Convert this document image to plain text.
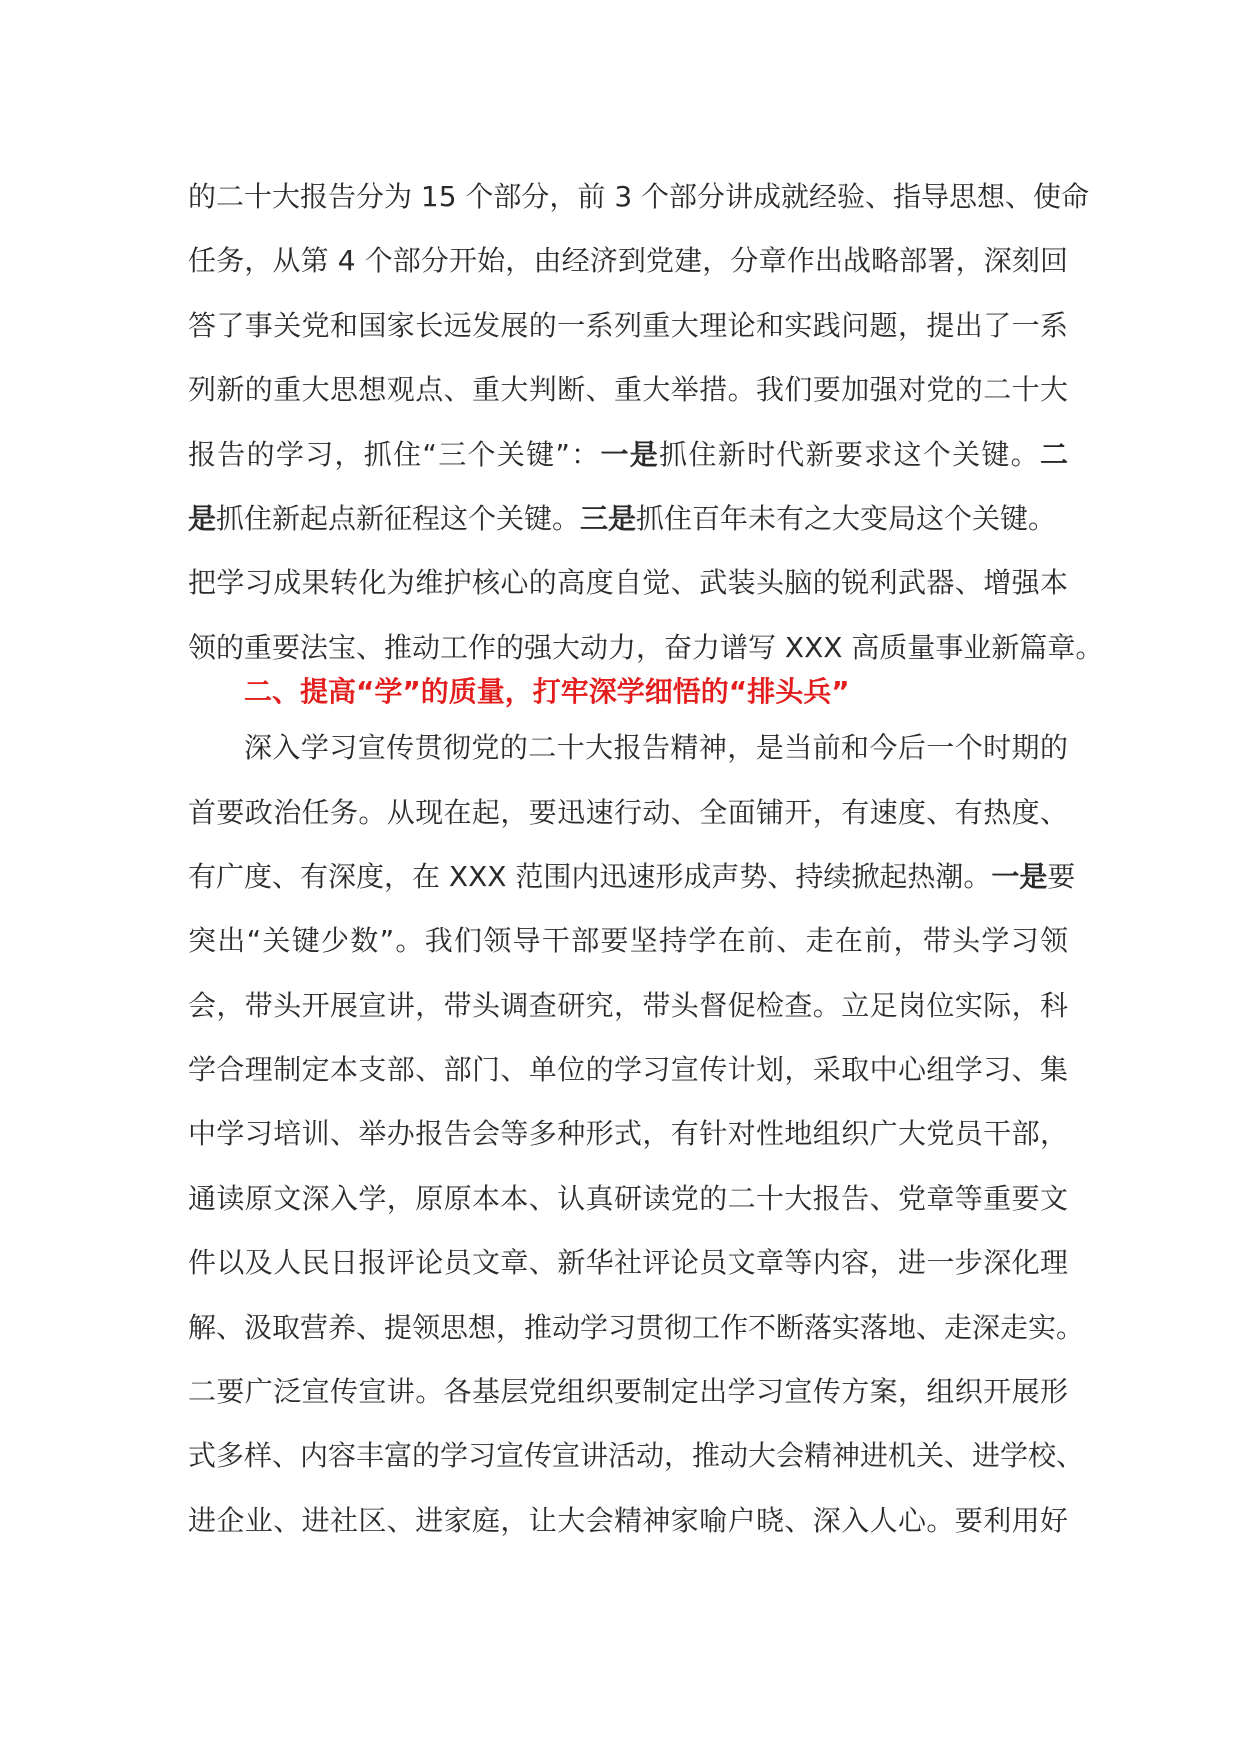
的二十大报告分为 15 个部分，前 3 个部分讲成就经验、指导思想、使命
任务，从第 4 个部分开始，由经济到党建，分章作出战略部署，深刻回
答了事关党和国家长远发展的一系列重大理论和实践问题，提出了一系
列新的重大思想观点、重大判断、重大举措。我们要加强对党的二十大
报告的学习，抓住“三个关键”：一是抓住新时代新要求这个关键。二
是抓住新起点新征程这个关键。三是抓住百年未有之大变局这个关键。
把学习成果转化为维护核心的高度自觉、武装头脑的锐利武器、增强本
领的重要法宝、推动工作的强大动力，奋力谱写 XXX 高质量事业新篇章。
二、提高“学”的质量，打牢深学细悟的“排头兵”
深入学习宣传贯彻党的二十大报告精神，是当前和今后一个时期的
首要政治任务。从现在起，要迅速行动、全面铺开，有速度、有热度、
有广度、有深度，在 XXX 范围内迅速形成声势、持续掀起热潮。一是要
突出“关键少数”。我们领导干部要坚持学在前、走在前，带头学习领
会，带头开展宣讲，带头调查研究，带头督促检查。立足岗位实际，科
学合理制定本支部、部门、单位的学习宣传计划，采取中心组学习、集
中学习培训、举办报告会等多种形式，有针对性地组织广大党员干部，
通读原文深入学，原原本本、认真研读党的二十大报告、党章等重要文
件以及人民日报评论员文章、新华社评论员文章等内容，进一步深化理
解、汲取营养、提领思想，推动学习贯彻工作不断落实落地、走深走实。
二要广泛宣传宣讲。各基层党组织要制定出学习宣传方案，组织开展形
式多样、内容丰富的学习宣传宣讲活动，推动大会精神进机关、进学校、
进企业、进社区、进家庭，让大会精神家喻户晓、深入人心。要利用好
